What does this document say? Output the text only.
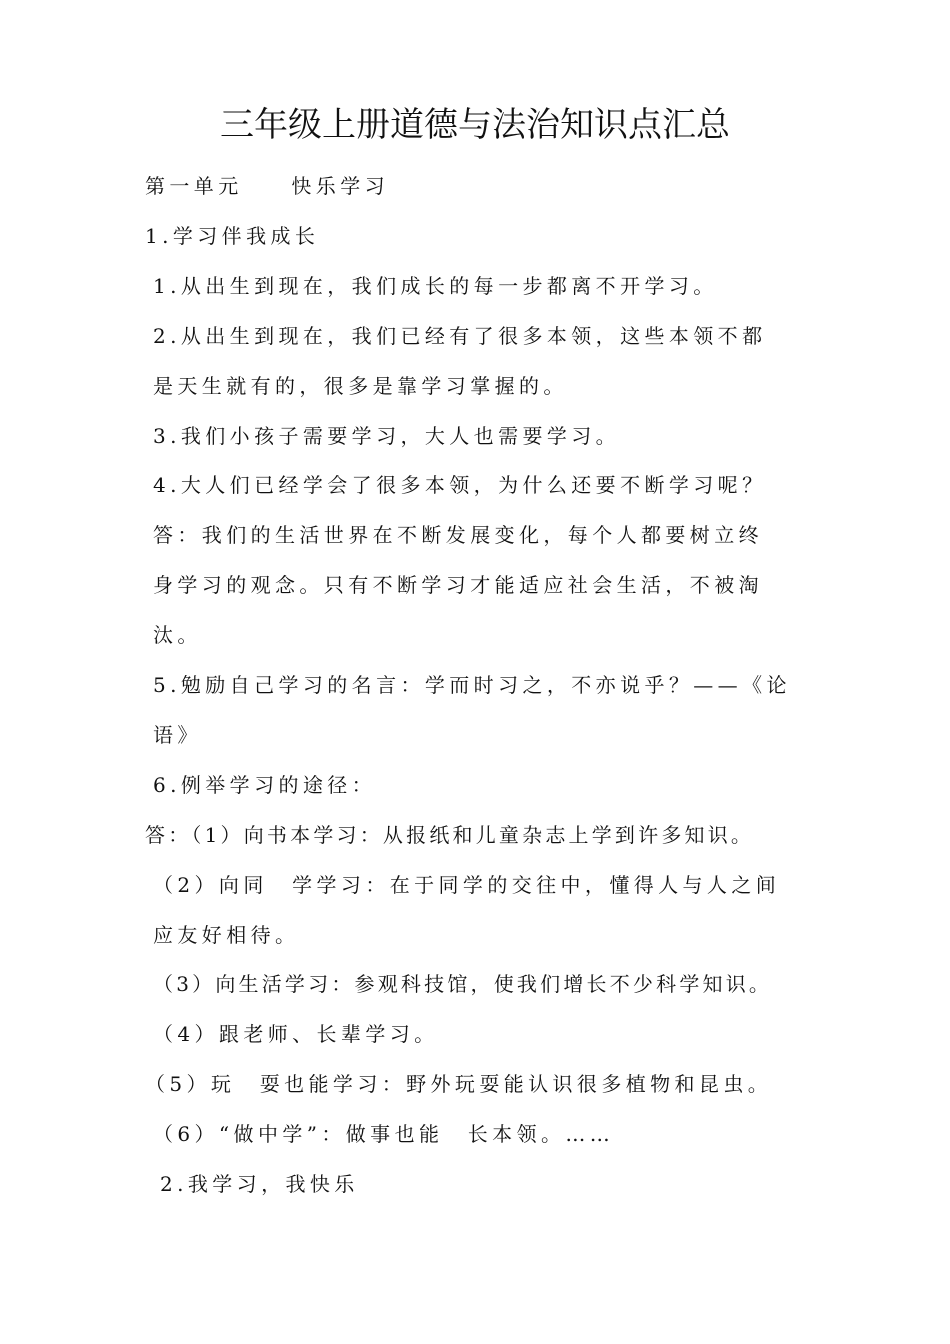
三年级上册道德与法治知识点汇总

第一单元　　快乐学习

1.学习伴我成长

1.从出生到现在，我们成长的每一步都离不开学习。

2.从出生到现在，我们已经有了很多本领，这些本领不都

是天生就有的，很多是靠学习掌握的。

3.我们小孩子需要学习，大人也需要学习。

4.大人们已经学会了很多本领，为什么还要不断学习呢？

答：我们的生活世界在不断发展变化，每个人都要树立终

身学习的观念。只有不断学习才能适应社会生活，不被淘

汰。

5.勉励自己学习的名言：学而时习之，不亦说乎？——《论

语》

6.例举学习的途径：

答：（1）向书本学习：从报纸和儿童杂志上学到许多知识。

（2）向同　学学习：在于同学的交往中，懂得人与人之间

应友好相待。

（3）向生活学习：参观科技馆，使我们增长不少科学知识。

（4）跟老师、长辈学习。

（5）玩　耍也能学习：野外玩耍能认识很多植物和昆虫。

（6）“做中学”：做事也能　长本领。……

2.我学习，我快乐
